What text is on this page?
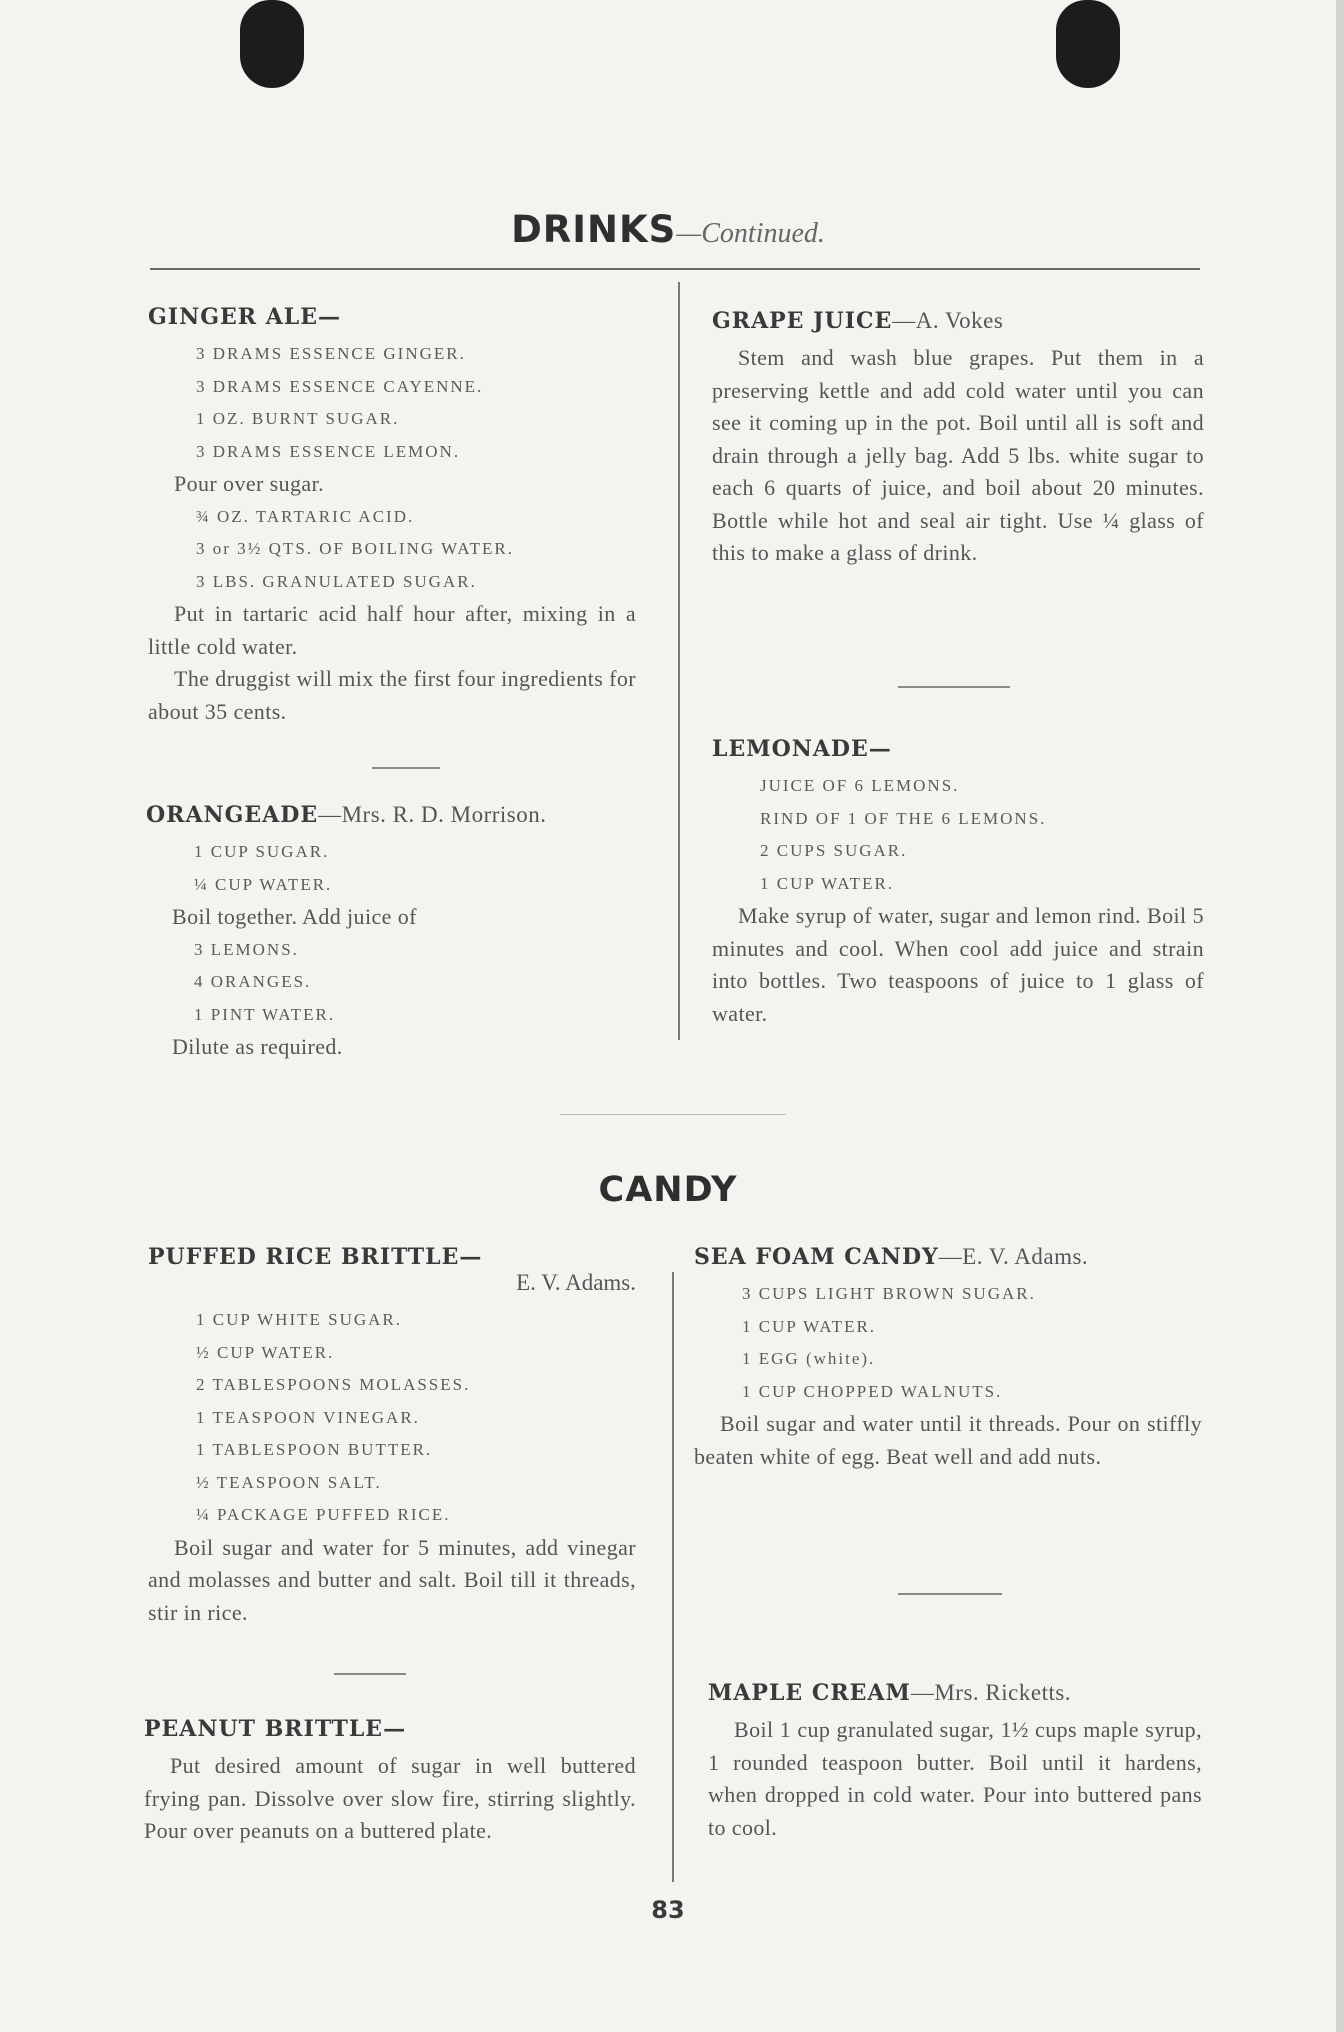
DRINKS—Continued.
GINGER ALE—
3 DRAMS ESSENCE GINGER.
3 DRAMS ESSENCE CAYENNE.
1 OZ. BURNT SUGAR.
3 DRAMS ESSENCE LEMON.

Pour over sugar.

¾ OZ. TARTARIC ACID.
3 or 3½ QTS. OF BOILING WATER.
3 LBS. GRANULATED SUGAR.

Put in tartaric acid half hour after, mixing in a little cold water.

The druggist will mix the first four ingredients for about 35 cents.

ORANGEADE—Mrs. R. D. Morrison.
1 CUP SUGAR.
¼ CUP WATER.

Boil together. Add juice of

3 LEMONS.
4 ORANGES.
1 PINT WATER.

Dilute as required.

GRAPE JUICE—A. Vokes

Stem and wash blue grapes. Put them in a preserving kettle and add cold water until you can see it coming up in the pot. Boil until all is soft and drain through a jelly bag. Add 5 lbs. white sugar to each 6 quarts of juice, and boil about 20 minutes. Bottle while hot and seal air tight. Use ¼ glass of this to make a glass of drink.

LEMONADE—
JUICE OF 6 LEMONS.
RIND OF 1 OF THE 6 LEMONS.
2 CUPS SUGAR.
1 CUP WATER.

Make syrup of water, sugar and lemon rind. Boil 5 minutes and cool. When cool add juice and strain into bottles. Two teaspoons of juice to 1 glass of water.

CANDY
PUFFED RICE BRITTLE—
E. V. Adams.
1 CUP WHITE SUGAR.
½ CUP WATER.
2 TABLESPOONS MOLASSES.
1 TEASPOON VINEGAR.
1 TABLESPOON BUTTER.
½ TEASPOON SALT.
¼ PACKAGE PUFFED RICE.

Boil sugar and water for 5 minutes, add vinegar and molasses and butter and salt. Boil till it threads, stir in rice.

PEANUT BRITTLE—

Put desired amount of sugar in well buttered frying pan. Dissolve over slow fire, stirring slightly. Pour over peanuts on a buttered plate.

SEA FOAM CANDY—E. V. Adams.
3 CUPS LIGHT BROWN SUGAR.
1 CUP WATER.
1 EGG (white).
1 CUP CHOPPED WALNUTS.

Boil sugar and water until it threads. Pour on stiffly beaten white of egg. Beat well and add nuts.

MAPLE CREAM—Mrs. Ricketts.

Boil 1 cup granulated sugar, 1½ cups maple syrup, 1 rounded teaspoon butter. Boil until it hardens, when dropped in cold water. Pour into buttered pans to cool.

83
